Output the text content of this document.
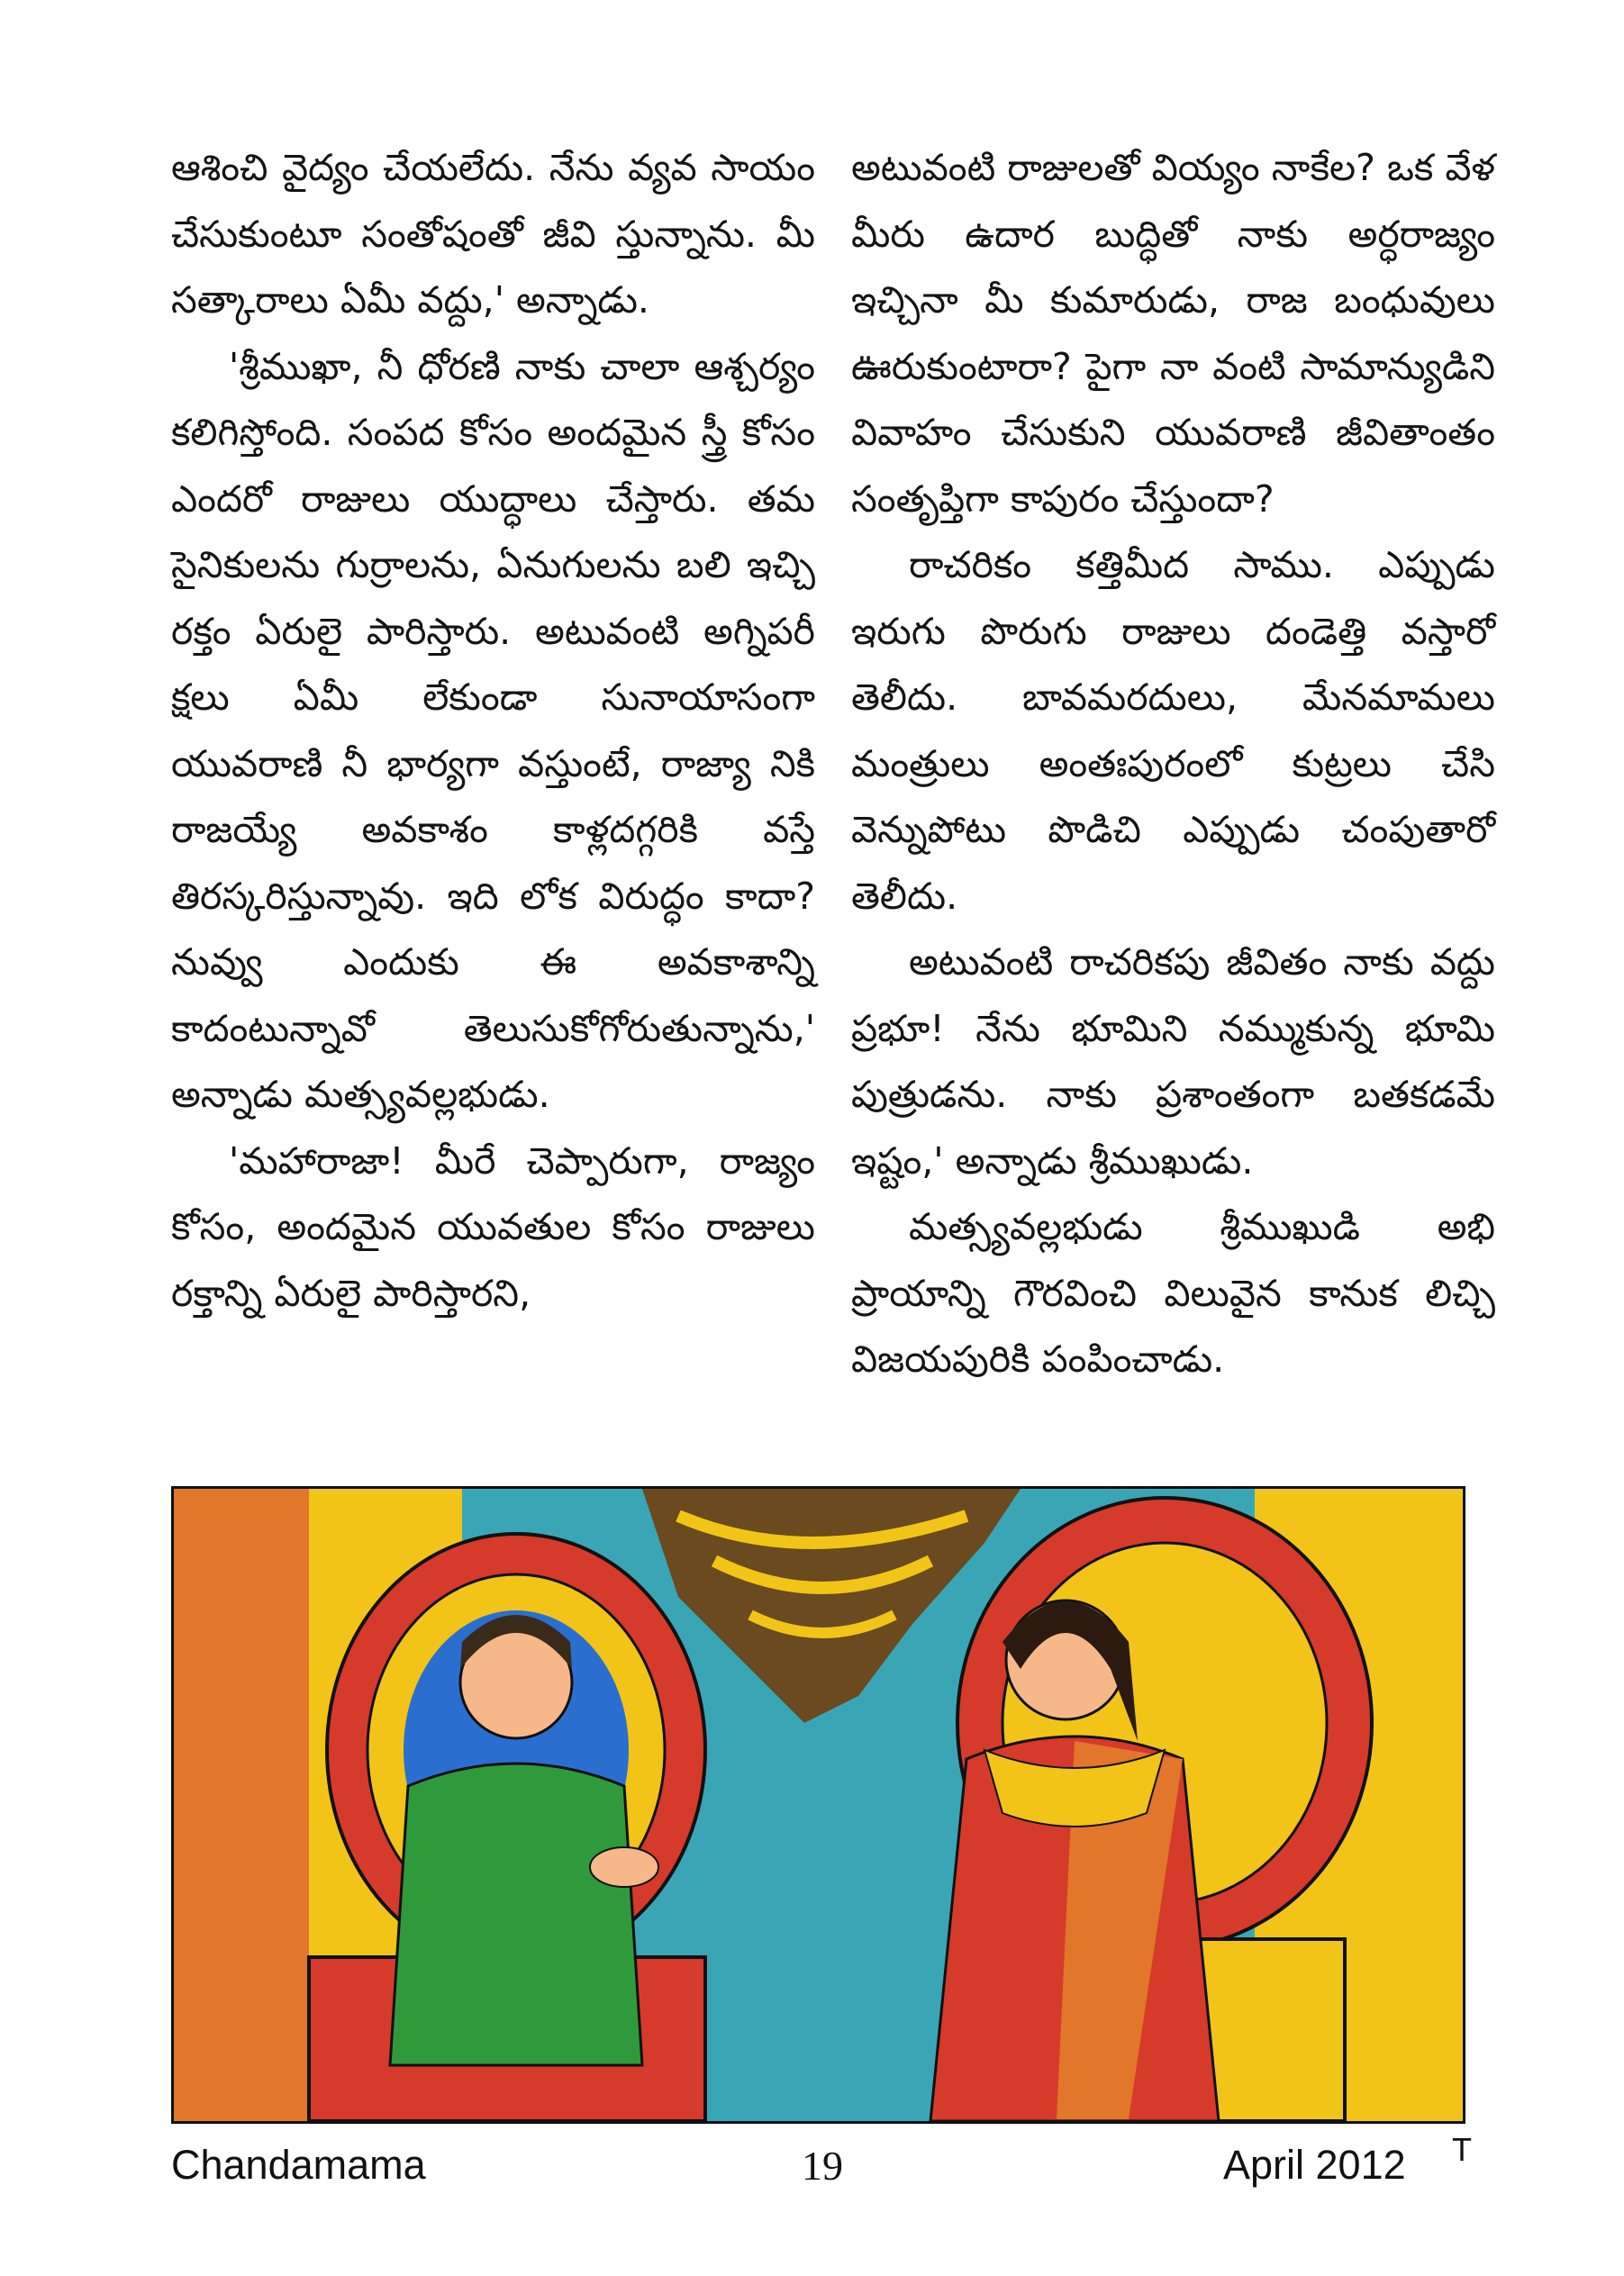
ఆశించి వైద్యం చేయలేదు. నేను వ్యవ సాయం చేసుకుంటూ సంతోషంతో జీవి స్తున్నాను. మీ సత్కారాలు ఏమీ వద్దు,' అన్నాడు.

'శ్రీముఖా, నీ ధోరణి నాకు చాలా ఆశ్చర్యం కలిగిస్తోంది. సంపద కోసం అందమైన స్త్రీ కోసం ఎందరో రాజులు యుద్ధాలు చేస్తారు. తమ సైనికులను గుర్రాలను, ఏనుగులను బలి ఇచ్చి రక్తం ఏరులై పారిస్తారు. అటువంటి అగ్నిపరీ క్షలు ఏమీ లేకుండా సునాయాసంగా యువరాణి నీ భార్యగా వస్తుంటే, రాజ్యా నికి రాజయ్యే అవకాశం కాళ్లదగ్గరికి వస్తే తిరస్కరిస్తున్నావు. ఇది లోక విరుద్ధం కాదా? నువ్వు ఎందుకు ఈ అవకాశాన్ని కాదంటున్నావో తెలుసుకోగోరుతున్నాను,' అన్నాడు మత్స్యవల్లభుడు.

'మహారాజా! మీరే చెప్పారుగా, రాజ్యం కోసం, అందమైన యువతుల కోసం రాజులు రక్తాన్ని ఏరులై పారిస్తారని,

అటువంటి రాజులతో వియ్యం నాకేల? ఒక వేళ మీరు ఉదార బుద్ధితో నాకు అర్ధరాజ్యం ఇచ్చినా మీ కుమారుడు, రాజ బంధువులు ఊరుకుంటారా? పైగా నా వంటి సామాన్యుడిని వివాహం చేసుకుని యువరాణి జీవితాంతం సంతృప్తిగా కాపురం చేస్తుందా?

రాచరికం కత్తిమీద సాము. ఎప్పుడు ఇరుగు పొరుగు రాజులు దండెత్తి వస్తారో తెలీదు. బావమరదులు, మేనమామలు మంత్రులు అంతఃపురంలో కుట్రలు చేసి వెన్నుపోటు పొడిచి ఎప్పుడు చంపుతారో తెలీదు.

అటువంటి రాచరికపు జీవితం నాకు వద్దు ప్రభూ! నేను భూమిని నమ్ముకున్న భూమి పుత్రుడను. నాకు ప్రశాంతంగా బతకడమే ఇష్టం,' అన్నాడు శ్రీముఖుడు.

మత్స్యవల్లభుడు శ్రీముఖుడి అభి ప్రాయాన్ని గౌరవించి విలువైన కానుక లిచ్చి విజయపురికి పంపించాడు.

Chandamama	19	April 2012 T
